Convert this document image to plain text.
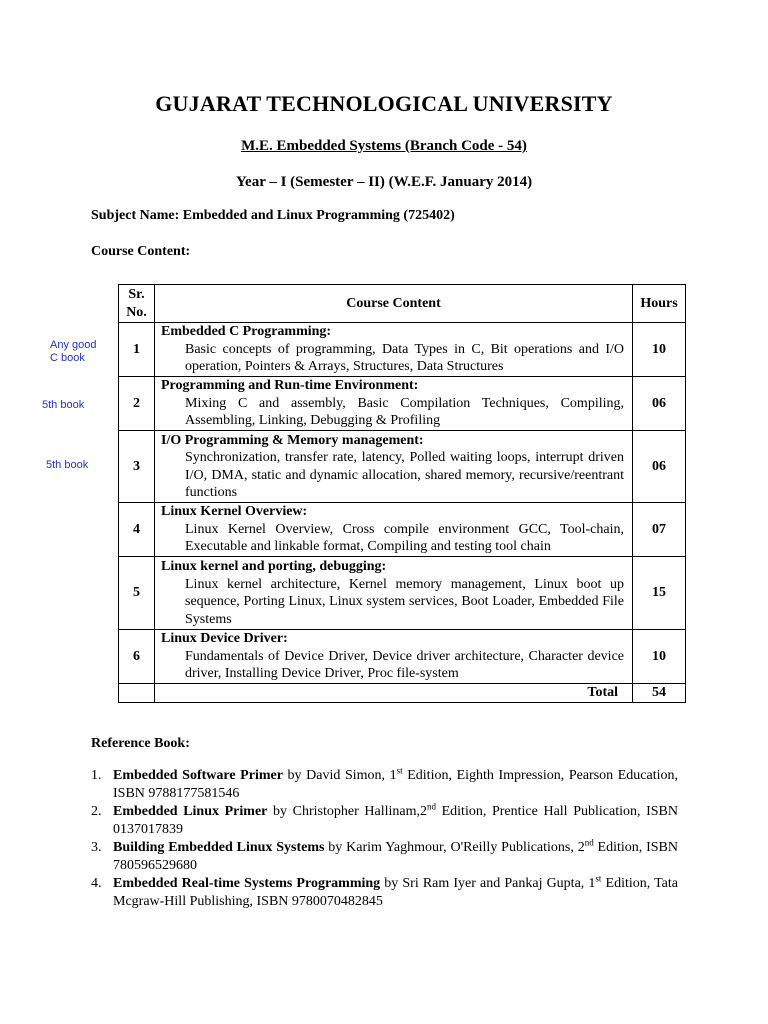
GUJARAT TECHNOLOGICAL UNIVERSITY
M.E. Embedded Systems (Branch Code - 54)
Year – I (Semester – II) (W.E.F. January 2014)
Subject Name: Embedded and Linux Programming (725402)
Course Content:
Any good
C book
5th book
5th book
Sr.
No.	Course Content	Hours
1	Embedded C Programming:
Basic concepts of programming, Data Types in C, Bit operations and I/O operation, Pointers & Arrays, Structures, Data Structures	10
2	Programming and Run-time Environment:
Mixing C and assembly, Basic Compilation Techniques, Compiling, Assembling, Linking, Debugging & Profiling	06
3	I/O Programming & Memory management:
Synchronization, transfer rate, latency, Polled waiting loops, interrupt driven I/O, DMA, static and dynamic allocation, shared memory, recursive/reentrant functions	06
4	Linux Kernel Overview:
Linux Kernel Overview, Cross compile environment GCC, Tool-chain, Executable and linkable format, Compiling and testing tool chain	07
5	Linux kernel and porting, debugging:
Linux kernel architecture, Kernel memory management, Linux boot up sequence, Porting Linux, Linux system services, Boot Loader, Embedded File Systems	15
6	Linux Device Driver:
Fundamentals of Device Driver, Device driver architecture, Character device driver, Installing Device Driver, Proc file-system	10
	Total	54
Reference Book:
1. Embedded Software Primer by David Simon, 1st Edition, Eighth Impression, Pearson Education, ISBN 9788177581546
2. Embedded Linux Primer by Christopher Hallinam,2nd Edition, Prentice Hall Publication, ISBN 0137017839
3. Building Embedded Linux Systems by Karim Yaghmour, O'Reilly Publications, 2nd Edition, ISBN 780596529680
4. Embedded Real-time Systems Programming by Sri Ram Iyer and Pankaj Gupta, 1st Edition, Tata Mcgraw-Hill Publishing, ISBN 9780070482845
